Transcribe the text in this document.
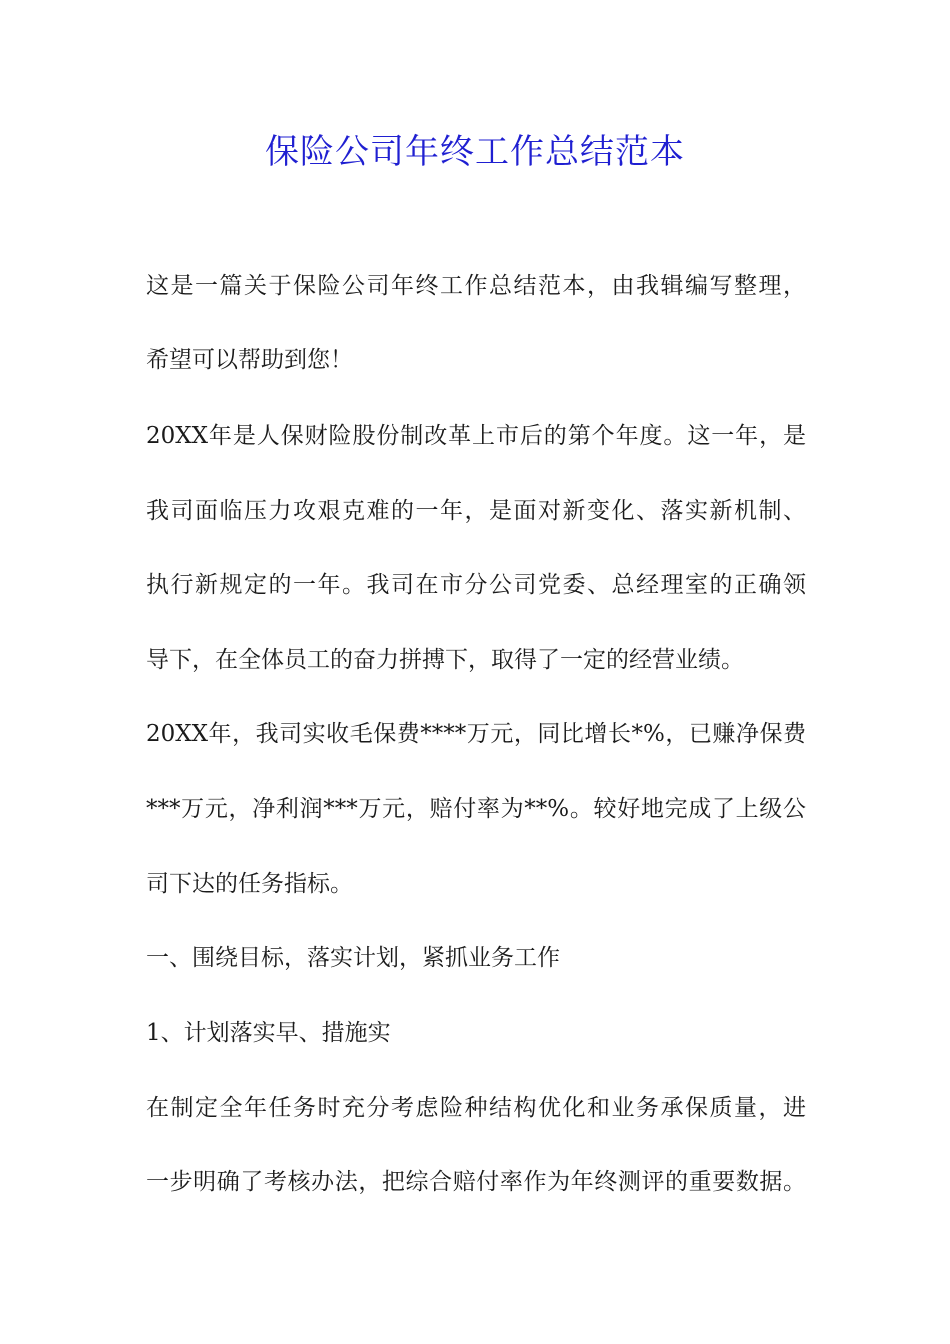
保险公司年终工作总结范本

这是一篇关于保险公司年终工作总结范本，由我辑编写整理，

希望可以帮助到您！

20XX年是人保财险股份制改革上市后的第个年度。这一年，是

我司面临压力攻艰克难的一年，是面对新变化、落实新机制、

执行新规定的一年。我司在市分公司党委、总经理室的正确领

导下，在全体员工的奋力拼搏下，取得了一定的经营业绩。

20XX年，我司实收毛保费****万元，同比增长*%，已赚净保费

***万元，净利润***万元，赔付率为**%。较好地完成了上级公

司下达的任务指标。

一、围绕目标，落实计划，紧抓业务工作

1、计划落实早、措施实

在制定全年任务时充分考虑险种结构优化和业务承保质量，进

一步明确了考核办法，把综合赔付率作为年终测评的重要数据。
